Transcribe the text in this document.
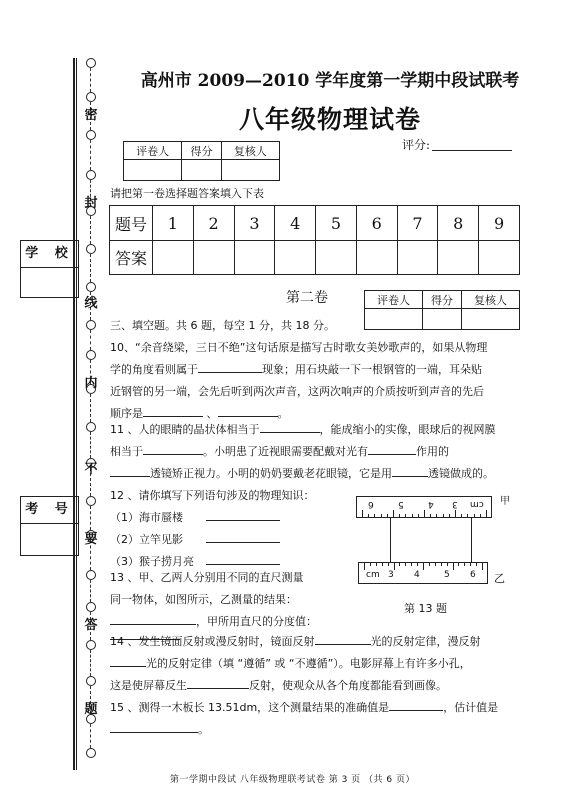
密
封
线
内
不
要
答
题
学 校
考 号
高州市 2009—2010 学年度第一学期中段试联考
八年级物理试卷
评卷人	得分	复核人
			评分:
请把第一卷选择题答案填入下表
题号	1	2	3	4	5	6	7	8	9
答案									
第二卷	评卷人	得分	复核人

三、填空题。共 6 题，每空 1 分，共 18 分。
10、“余音绕梁，三日不绝”这句话原是描写古时歌女美妙歌声的，如果从物理
学的角度看则属于	现象；用石块敲一下一根钢管的一端，耳朵贴
近钢管的另一端，会先后听到两次声音，这两次响声的介质按听到声音的先后
顺序是	、	。
11 、人的眼睛的晶状体相当于	，能成缩小的实像，眼球后的视网膜
相当于	。小明患了近视眼需要配戴对光有	作用的
透镜矫正视力。小明的奶奶要戴老花眼镜，它是用	透镜做成的。
12 、请你填写下列语句涉及的物理知识：
（1）海市蜃楼
（2）立竿见影
（3）猴子捞月亮
13 、甲、乙两人分别用不同的直尺测量
同一物体，如图所示，乙测量的结果：
，甲所用直尺的分度值：
甲
乙
第 13 题
6	5	4 3 cm
cm 3 4	5 6
14 、发生镜面反射或漫反射时，镜面反射	光的反射定律，漫反射
光的反射定律（填 “遵循” 或 “不遵循”）。电影屏幕上有许多小孔，
这是使屏幕反生	反射，使观众从各个角度都能看到画像。
15 、测得一木板长 13.51dm，这个测量结果的准确值是	，估计值是
。
第一学期中段试 八年级物理联考试卷 第 3 页 （共 6 页）
